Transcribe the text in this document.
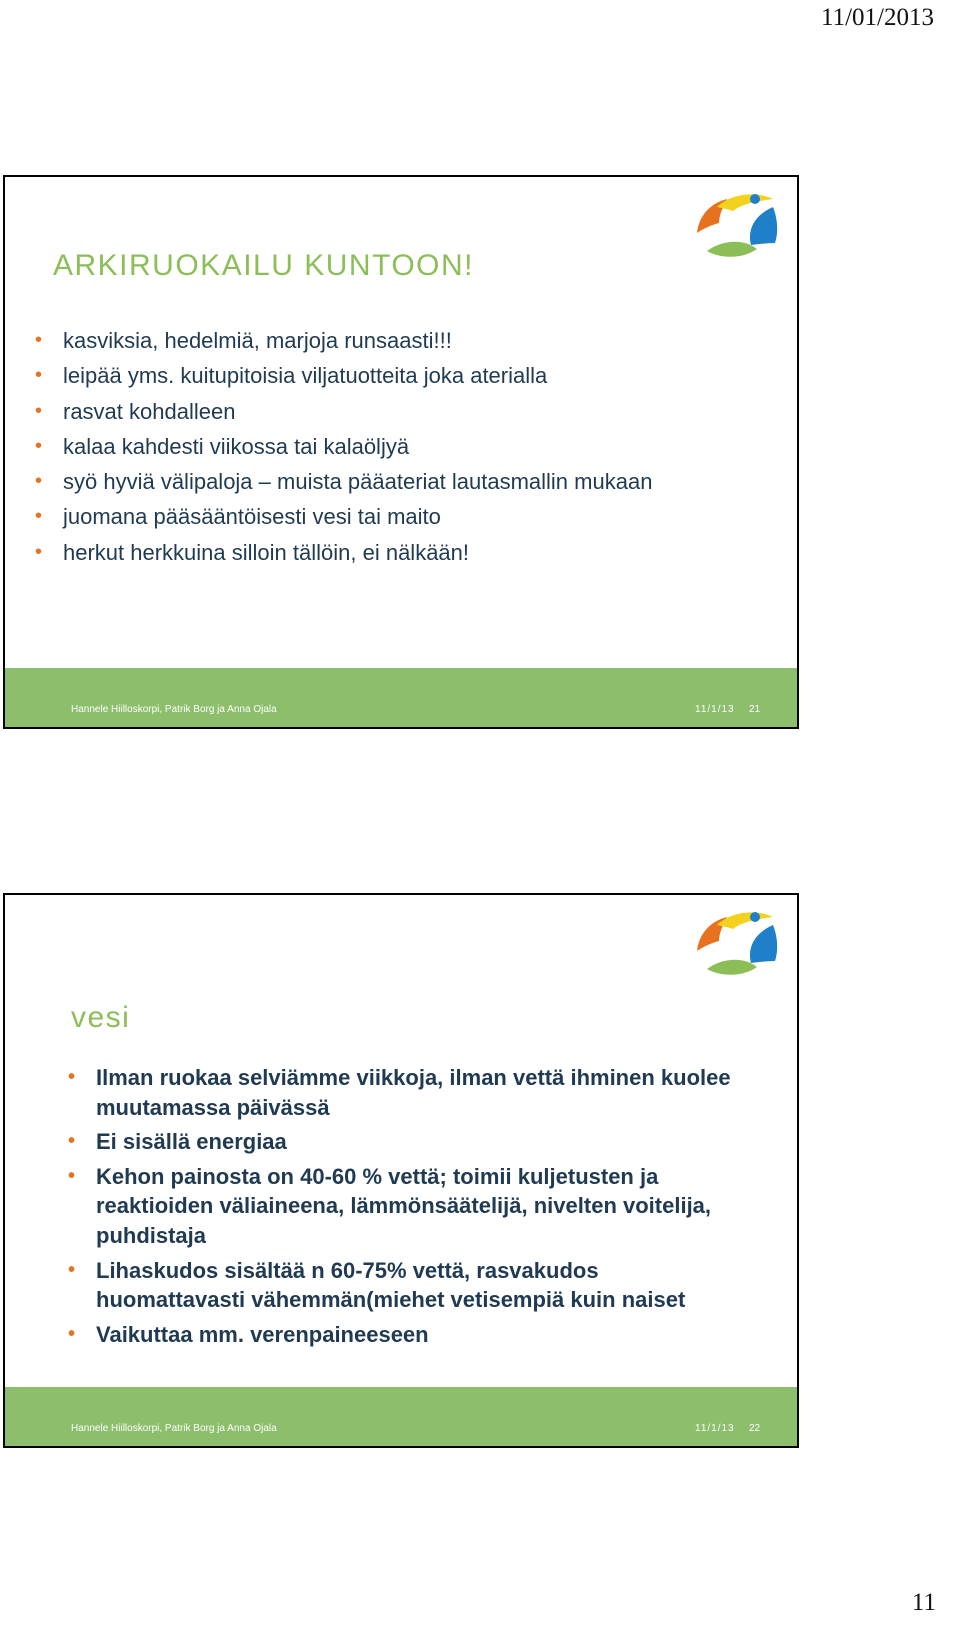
11/01/2013
ARKIRUOKAILU KUNTOON!
• kasviksia, hedelmiä, marjoja runsaasti!!!
• leipää yms. kuitupitoisia viljatuotteita joka aterialla
• rasvat kohdalleen
• kalaa kahdesti viikossa tai kalaöljyä
• syö hyviä välipaloja – muista pääateriat lautasmallin mukaan
• juomana pääsääntöisesti vesi tai maito
• herkut herkkuina silloin tällöin, ei nälkään!
Hannele Hiilloskorpi, Patrik Borg ja Anna Ojala	11/1/13 21
vesi
• Ilman ruokaa selviämme viikkoja, ilman vettä ihminen kuolee muutamassa päivässä
• Ei sisällä energiaa
• Kehon painosta on 40-60 % vettä; toimii kuljetusten ja reaktioiden väliaineena, lämmönsäätelijä, nivelten voitelija, puhdistaja
• Lihaskudos sisältää n 60-75% vettä, rasvakudos huomattavasti vähemmän(miehet vetisempiä kuin naiset
• Vaikuttaa mm. verenpaineeseen
Hannele Hiilloskorpi, Patrik Borg ja Anna Ojala	11/1/13 22
11
